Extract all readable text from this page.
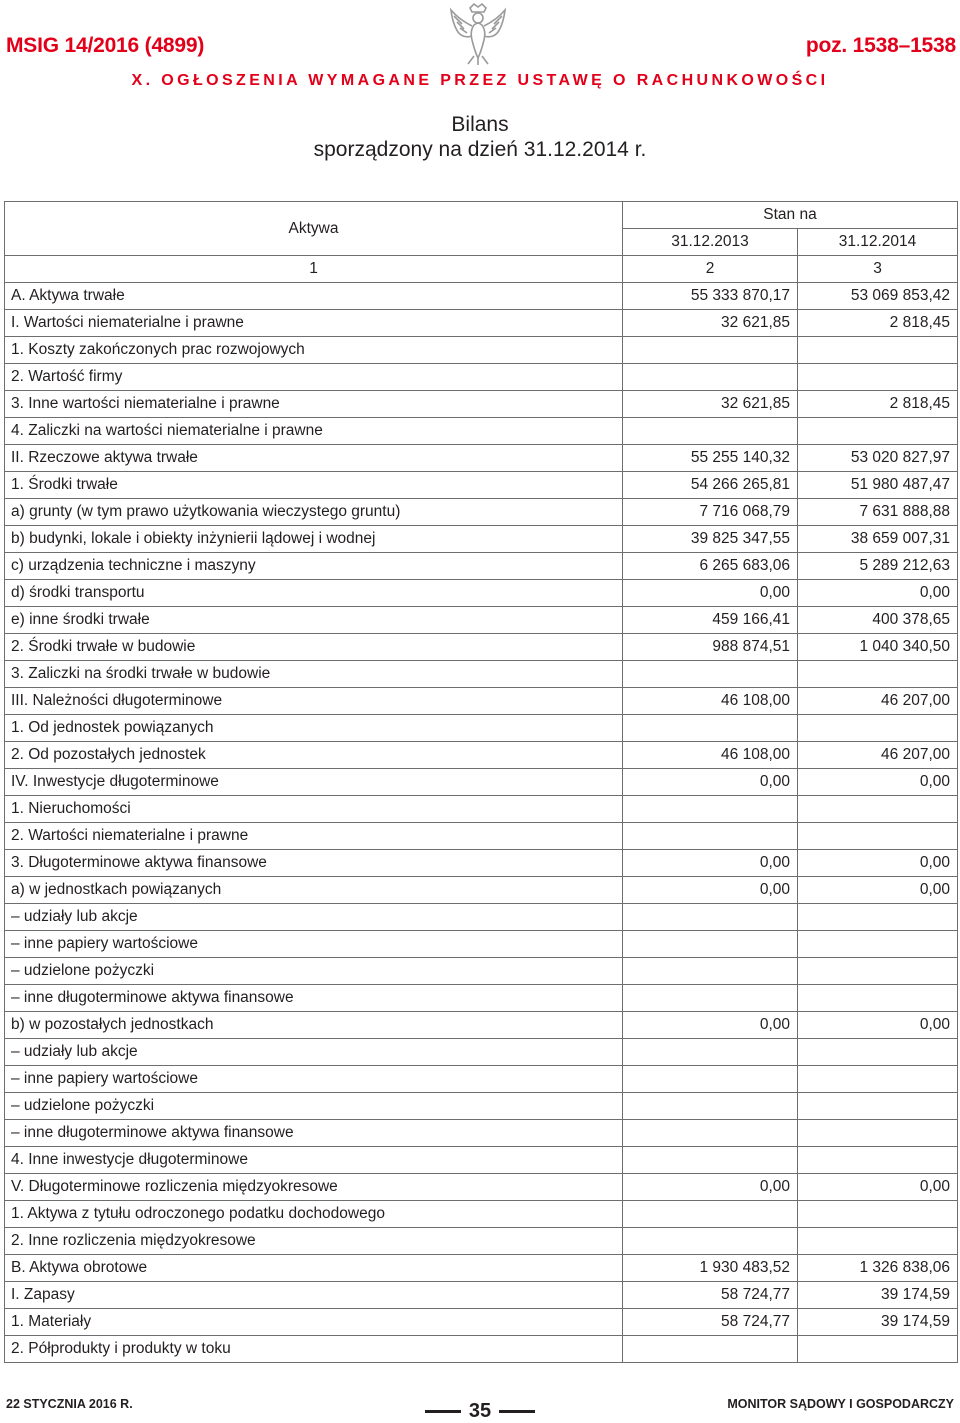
MSIG 14/2016 (4899)	poz. 1538–1538
X. OGŁOSZENIA WYMAGANE PRZEZ USTAWĘ O RACHUNKOWOŚCI
Bilans
sporządzony na dzień 31.12.2014 r.
Aktywa	Stan na	
	31.12.2013	31.12.2014
1	2	3
A. Aktywa trwałe	55 333 870,17	53 069 853,42
I. Wartości niematerialne i prawne	32 621,85	2 818,45
1. Koszty zakończonych prac rozwojowych		
2. Wartość firmy		
3. Inne wartości niematerialne i prawne	32 621,85	2 818,45
4. Zaliczki na wartości niematerialne i prawne		
II. Rzeczowe aktywa trwałe	55 255 140,32	53 020 827,97
1. Środki trwałe	54 266 265,81	51 980 487,47
a) grunty (w tym prawo użytkowania wieczystego gruntu)	7 716 068,79	7 631 888,88
b) budynki, lokale i obiekty inżynierii lądowej i wodnej	39 825 347,55	38 659 007,31
c) urządzenia techniczne i maszyny	6 265 683,06	5 289 212,63
d) środki transportu	0,00	0,00
e) inne środki trwałe	459 166,41	400 378,65
2. Środki trwałe w budowie	988 874,51	1 040 340,50
3. Zaliczki na środki trwałe w budowie		
III. Należności długoterminowe	46 108,00	46 207,00
1. Od jednostek powiązanych		
2. Od pozostałych jednostek	46 108,00	46 207,00
IV. Inwestycje długoterminowe	0,00	0,00
1. Nieruchomości		
2. Wartości niematerialne i prawne		
3. Długoterminowe aktywa finansowe	0,00	0,00
a) w jednostkach powiązanych	0,00	0,00
– udziały lub akcje		
– inne papiery wartościowe		
– udzielone pożyczki		
– inne długoterminowe aktywa finansowe		
b) w pozostałych jednostkach	0,00	0,00
– udziały lub akcje		
– inne papiery wartościowe		
– udzielone pożyczki		
– inne długoterminowe aktywa finansowe		
4. Inne inwestycje długoterminowe		
V. Długoterminowe rozliczenia międzyokresowe	0,00	0,00
1. Aktywa z tytułu odroczonego podatku dochodowego		
2. Inne rozliczenia międzyokresowe		
B. Aktywa obrotowe	1 930 483,52	1 326 838,06
I. Zapasy	58 724,77	39 174,59
1. Materiały	58 724,77	39 174,59
2. Półprodukty i produkty w toku		
22 STYCZNIA 2016 R.	35	MONITOR SĄDOWY I GOSPODARCZY
